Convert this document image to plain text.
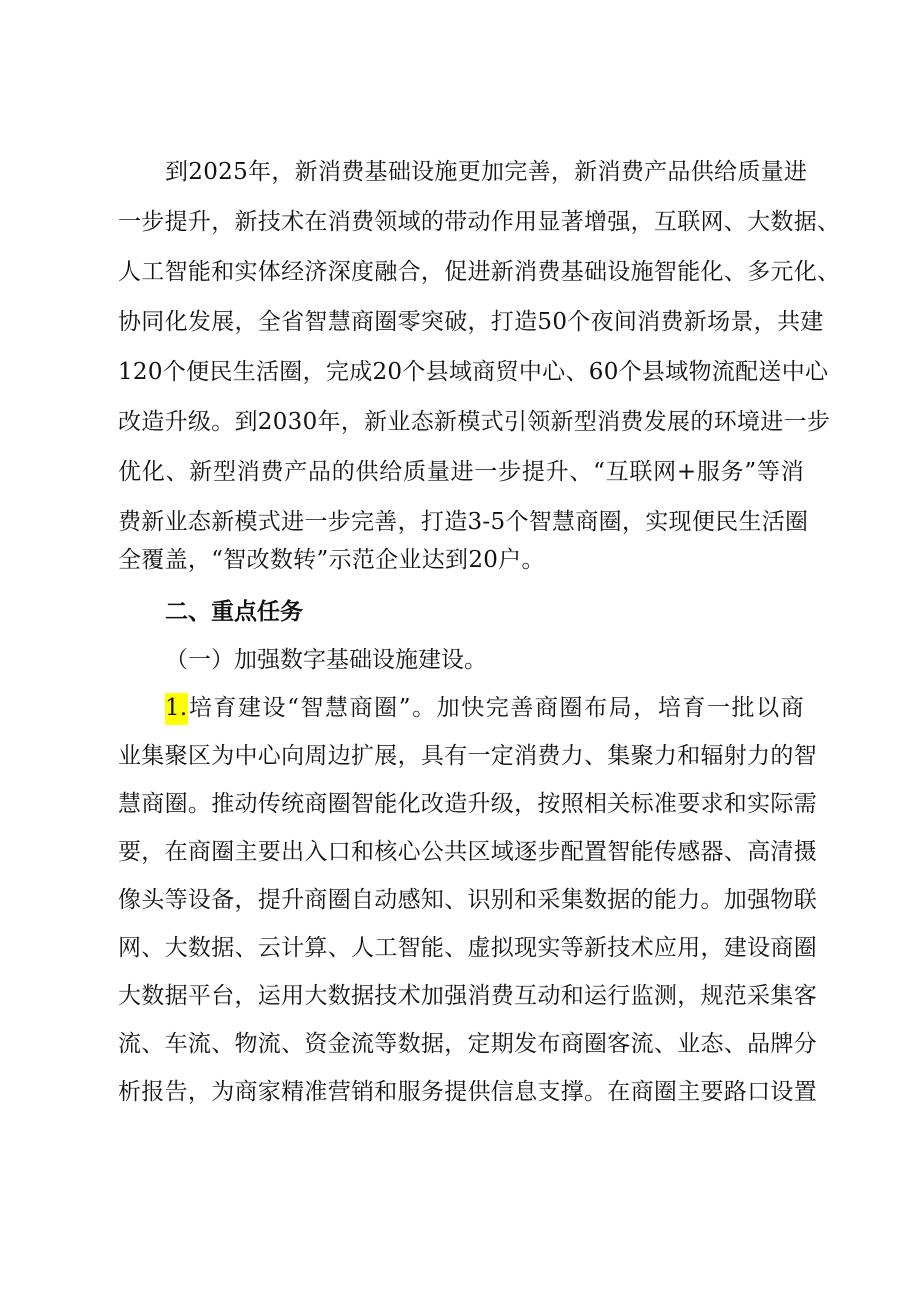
到2025年，新消费基础设施更加完善，新消费产品供给质量进
一步提升，新技术在消费领域的带动作用显著增强，互联网、大数据、
人工智能和实体经济深度融合，促进新消费基础设施智能化、多元化、
协同化发展，全省智慧商圈零突破，打造50个夜间消费新场景，共建
120个便民生活圈，完成20个县域商贸中心、60个县域物流配送中心
改造升级。到2030年，新业态新模式引领新型消费发展的环境进一步
优化、新型消费产品的供给质量进一步提升、“互联网+服务”等消
费新业态新模式进一步完善，打造3-5个智慧商圈，实现便民生活圈
全覆盖，“智改数转”示范企业达到20户。
二、重点任务
（一）加强数字基础设施建设。
1.培育建设“智慧商圈”。加快完善商圈布局，培育一批以商
业集聚区为中心向周边扩展，具有一定消费力、集聚力和辐射力的智
慧商圈。推动传统商圈智能化改造升级，按照相关标准要求和实际需
要，在商圈主要出入口和核心公共区域逐步配置智能传感器、高清摄
像头等设备，提升商圈自动感知、识别和采集数据的能力。加强物联
网、大数据、云计算、人工智能、虚拟现实等新技术应用，建设商圈
大数据平台，运用大数据技术加强消费互动和运行监测，规范采集客
流、车流、物流、资金流等数据，定期发布商圈客流、业态、品牌分
析报告，为商家精准营销和服务提供信息支撑。在商圈主要路口设置
